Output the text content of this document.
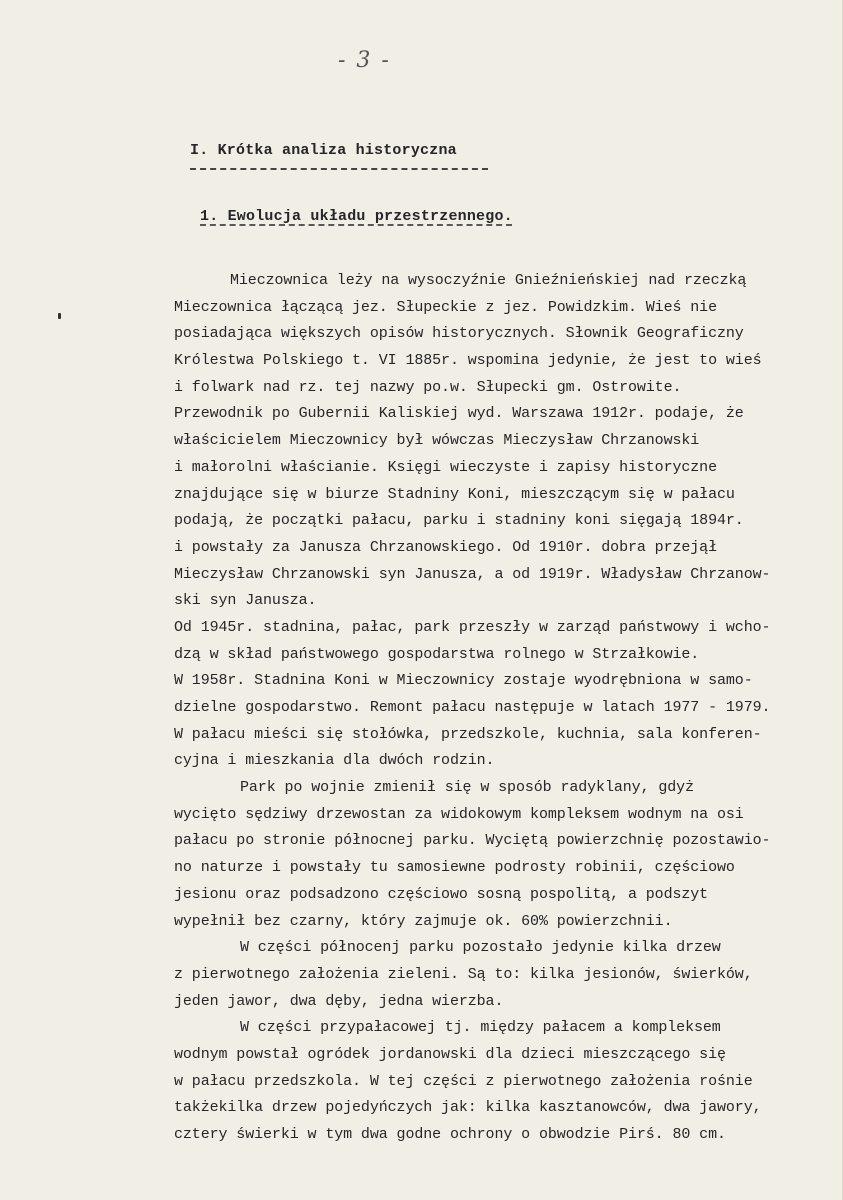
- 3 -
I. Krótka analiza historyczna
1. Ewolucja układu przestrzennego.
Mieczownica leży na wysoczyźnie Gnieźnieńskiej nad rzeczką
Mieczownica łączącą jez. Słupeckie z jez. Powidzkim. Wieś nie
posiadająca większych opisów historycznych. Słownik Geograficzny
Królestwa Polskiego t. VI 1885r. wspomina jedynie, że jest to wieś
i folwark nad rz. tej nazwy po.w. Słupecki gm. Ostrowite.
Przewodnik po Gubernii Kaliskiej wyd. Warszawa 1912r. podaje, że
właścicielem Mieczownicy był wówczas Mieczysław Chrzanowski
i małorolni właścianie. Księgi wieczyste i zapisy historyczne
znajdujące się w biurze Stadniny Koni, mieszczącym się w pałacu
podają, że początki pałacu, parku i stadniny koni sięgają 1894r.
i powstały za Janusza Chrzanowskiego. Od 1910r. dobra przejął
Mieczysław Chrzanowski syn Janusza, a od 1919r. Władysław Chrzanow-
ski syn Janusza.
Od 1945r. stadnina, pałac, park przeszły w zarząd państwowy i wcho-
dzą w skład państwowego gospodarstwa rolnego w Strzałkowie.
W 1958r. Stadnina Koni w Mieczownicy zostaje wyodrębniona w samo-
dzielne gospodarstwo. Remont pałacu następuje w latach 1977 - 1979.
W pałacu mieści się stołówka, przedszkole, kuchnia, sala konferen-
cyjna i mieszkania dla dwóch rodzin.
Park po wojnie zmienił się w sposób radyklany, gdyż
wycięto sędziwy drzewostan za widokowym kompleksem wodnym na osi
pałacu po stronie północnej parku. Wyciętą powierzchnię pozostawio-
no naturze i powstały tu samosiewne podrosty robinii, częściowo
jesionu oraz podsadzono częściowo sosną pospolitą, a podszyt
wypełnił bez czarny, który zajmuje ok. 60% powierzchnii.
W części północenj parku pozostało jedynie kilka drzew
z pierwotnego założenia zieleni. Są to: kilka jesionów, świerków,
jeden jawor, dwa dęby, jedna wierzba.
W części przypałacowej tj. między pałacem a kompleksem
wodnym powstał ogródek jordanowski dla dzieci mieszczącego się
w pałacu przedszkola. W tej części z pierwotnego założenia rośnie
takżekilka drzew pojedyńczych jak: kilka kasztanowców, dwa jawory,
cztery świerki w tym dwa godne ochrony o obwodzie Pirś. 80 cm.
